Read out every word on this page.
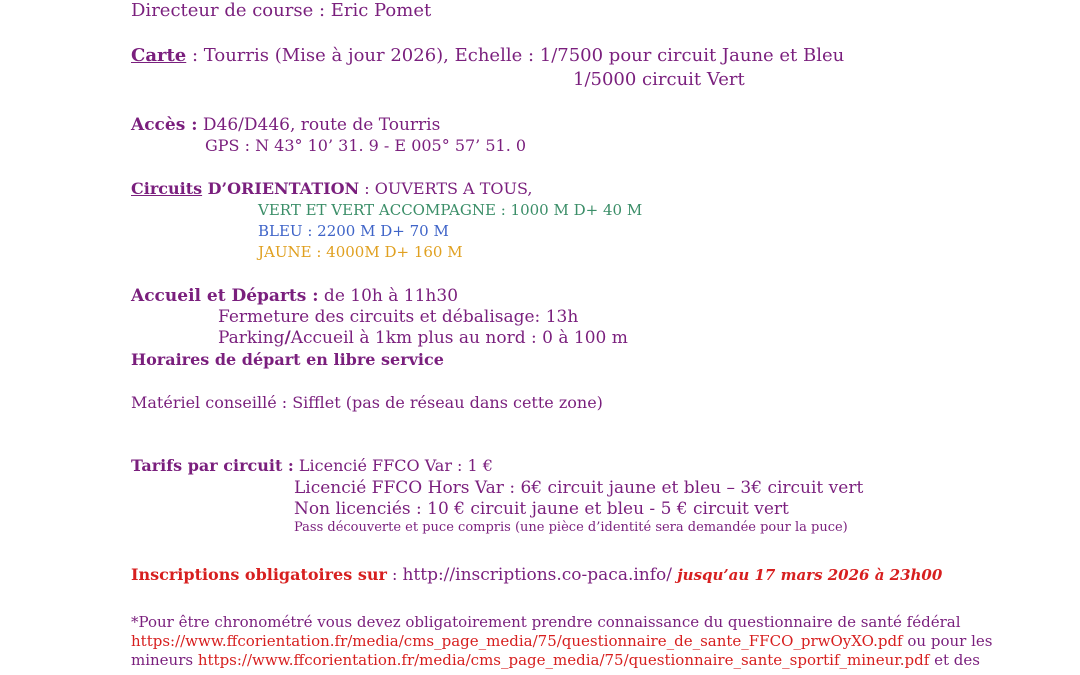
Directeur de course : Eric Pomet
Carte : Tourris (Mise à jour 2026), Echelle : 1/7500 pour circuit Jaune et Bleu
1/5000 circuit Vert
Accès : D46/D446, route de Tourris
GPS : N 43° 10’ 31. 9 - E 005° 57’ 51. 0
Circuits D’ORIENTATION : OUVERTS A TOUS,
VERT ET VERT ACCOMPAGNE : 1000 M D+ 40 M
BLEU : 2200 M D+ 70 M
JAUNE : 4000M D+ 160 M
Accueil et Départs : de 10h à 11h30
Fermeture des circuits et débalisage: 13h
Parking/Accueil à 1km plus au nord : 0 à 100 m
Horaires de départ en libre service
Matériel conseillé : Sifflet (pas de réseau dans cette zone)
Tarifs par circuit : Licencié FFCO Var : 1 €
Licencié FFCO Hors Var : 6€ circuit jaune et bleu – 3€ circuit vert
Non licenciés : 10 € circuit jaune et bleu - 5 € circuit vert
Pass découverte et puce compris (une pièce d’identité sera demandée pour la puce)
Inscriptions obligatoires sur : http://inscriptions.co-paca.info/ jusqu’au 17 mars 2026 à 23h00
*Pour être chronométré vous devez obligatoirement prendre connaissance du questionnaire de santé fédéral
https://www.ffcorientation.fr/media/cms_page_media/75/questionnaire_de_sante_FFCO_prwOyXO.pdf ou pour les
mineurs https://www.ffcorientation.fr/media/cms_page_media/75/questionnaire_sante_sportif_mineur.pdf et des
